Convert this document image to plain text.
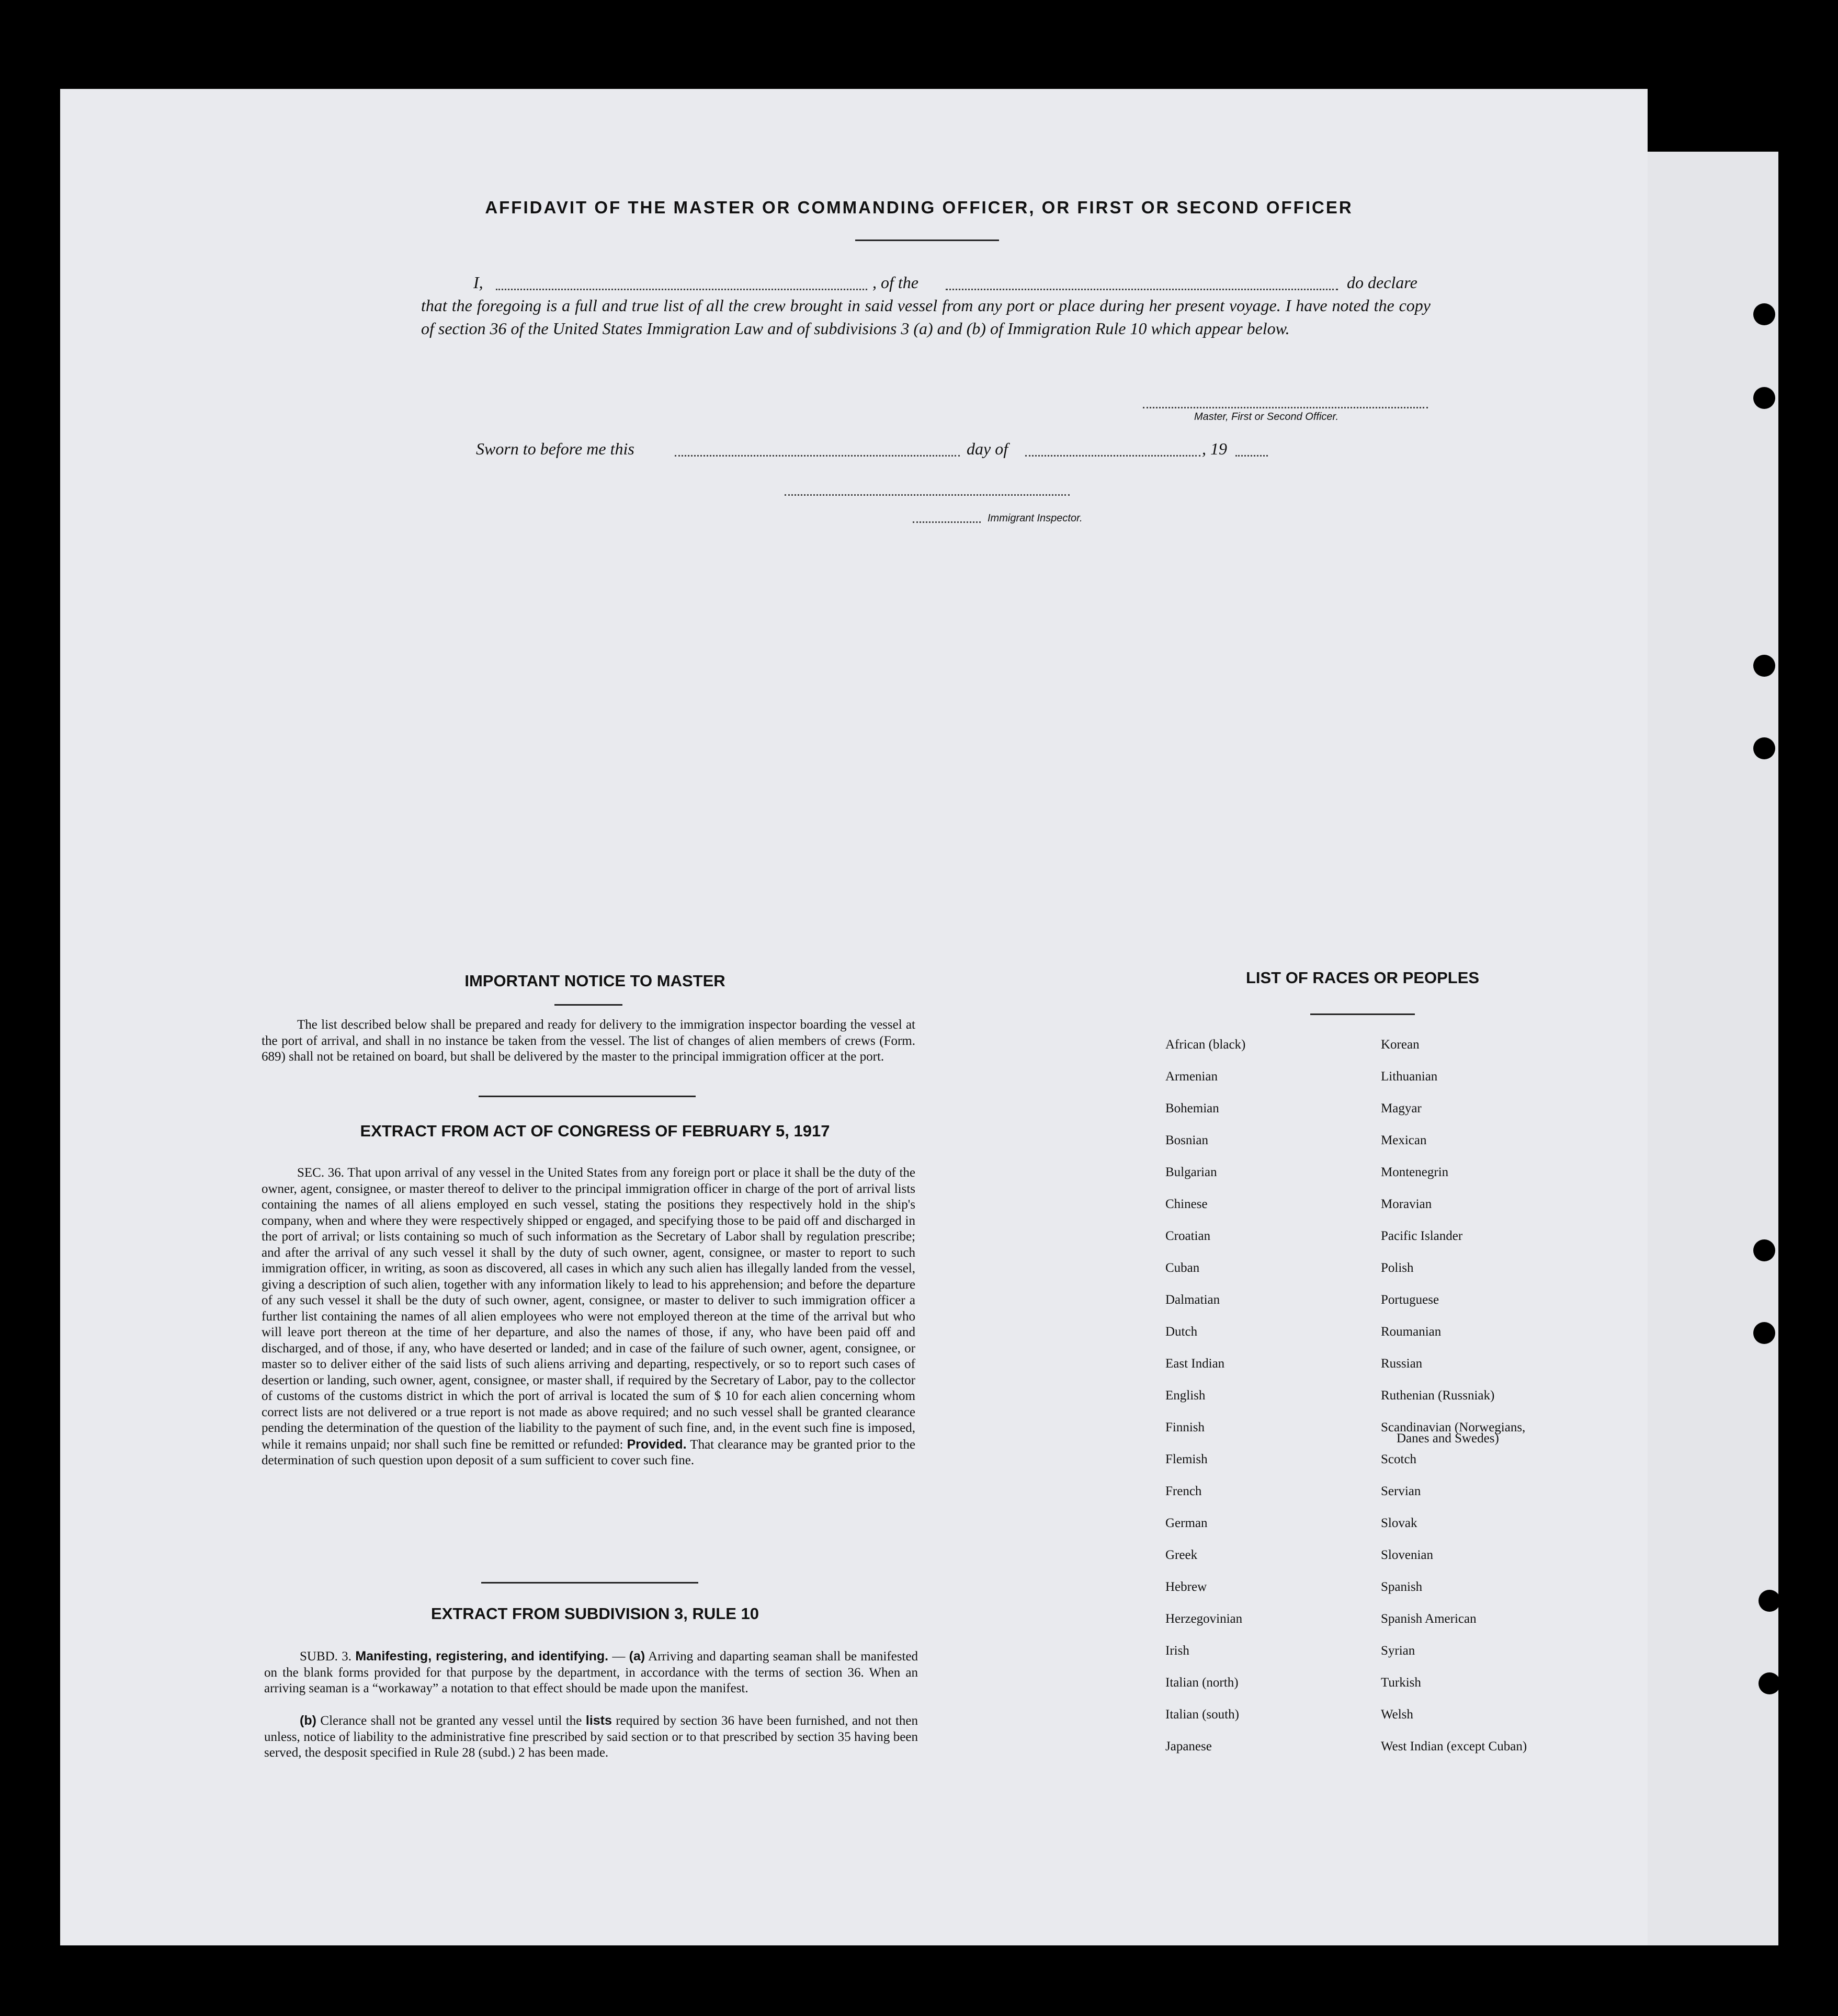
AFFIDAVIT OF THE MASTER OR COMMANDING OFFICER, OR FIRST OR SECOND OFFICER
I,	, of the	do declare
that the foregoing is a full and true list of all the crew brought in said vessel from any port or place during her present voyage. I have noted the copy of section 36 of the United States Immigration Law and of subdivisions 3 (a) and (b) of Immigration Rule 10 which appear below.
Master, First or Second Officer.
Sworn to before me this	day of	, 19
Immigrant Inspector.
IMPORTANT NOTICE TO MASTER
The list described below shall be prepared and ready for delivery to the immigration inspector boarding the vessel at the port of arrival, and shall in no instance be taken from the vessel. The list of changes of alien members of crews (Form. 689) shall not be retained on board, but shall be delivered by the master to the principal immigration officer at the port.
EXTRACT FROM ACT OF CONGRESS OF FEBRUARY 5, 1917
SEC. 36. That upon arrival of any vessel in the United States from any foreign port or place it shall be the duty of the owner, agent, consignee, or master thereof to deliver to the principal immigration officer in charge of the port of arrival lists containing the names of all aliens employed en such vessel, stating the positions they respectively hold in the ship's company, when and where they were respectively shipped or engaged, and specifying those to be paid off and discharged in the port of arrival; or lists containing so much of such information as the Secretary of Labor shall by regulation prescribe; and after the arrival of any such vessel it shall by the duty of such owner, agent, consignee, or master to report to such immigration officer, in writing, as soon as discovered, all cases in which any such alien has illegally landed from the vessel, giving a description of such alien, together with any information likely to lead to his apprehension; and before the departure of any such vessel it shall be the duty of such owner, agent, consignee, or master to deliver to such immigration officer a further list containing the names of all alien employees who were not employed thereon at the time of the arrival but who will leave port thereon at the time of her departure, and also the names of those, if any, who have been paid off and discharged, and of those, if any, who have deserted or landed; and in case of the failure of such owner, agent, consignee, or master so to deliver either of the said lists of such aliens arriving and departing, respectively, or so to report such cases of desertion or landing, such owner, agent, consignee, or master shall, if required by the Secretary of Labor, pay to the collector of customs of the customs district in which the port of arrival is located the sum of $ 10 for each alien concerning whom correct lists are not delivered or a true report is not made as above required; and no such vessel shall be granted clearance pending the determination of the question of the liability to the payment of such fine, and, in the event such fine is imposed, while it remains unpaid; nor shall such fine be remitted or refunded: Provided. That clearance may be granted prior to the determination of such question upon deposit of a sum sufficient to cover such fine.
EXTRACT FROM SUBDIVISION 3, RULE 10
SUBD. 3. Manifesting, registering, and identifying. — (a) Arriving and daparting seaman shall be manifested on the blank forms provided for that purpose by the department, in accordance with the terms of section 36. When an arriving seaman is a “workaway” a notation to that effect should be made upon the manifest.
(b) Clerance shall not be granted any vessel until the lists required by section 36 have been furnished, and not then unless, notice of liability to the administrative fine prescribed by said section or to that prescribed by section 35 having been served, the desposit specified in Rule 28 (subd.) 2 has been made.
LIST OF RACES OR PEOPLES
African (black)
Armenian
Bohemian
Bosnian
Bulgarian
Chinese
Croatian
Cuban
Dalmatian
Dutch
East Indian
English
Finnish
Flemish
French
German
Greek
Hebrew
Herzegovinian
Irish
Italian (north)
Italian (south)
Japanese
Korean
Lithuanian
Magyar
Mexican
Montenegrin
Moravian
Pacific Islander
Polish
Portuguese
Roumanian
Russian
Ruthenian (Russniak)
Scandinavian (Norwegians,
Scotch
Servian
Slovak
Slovenian
Spanish
Spanish American
Syrian
Turkish
Welsh
West Indian (except Cuban)
Danes and Swedes)
